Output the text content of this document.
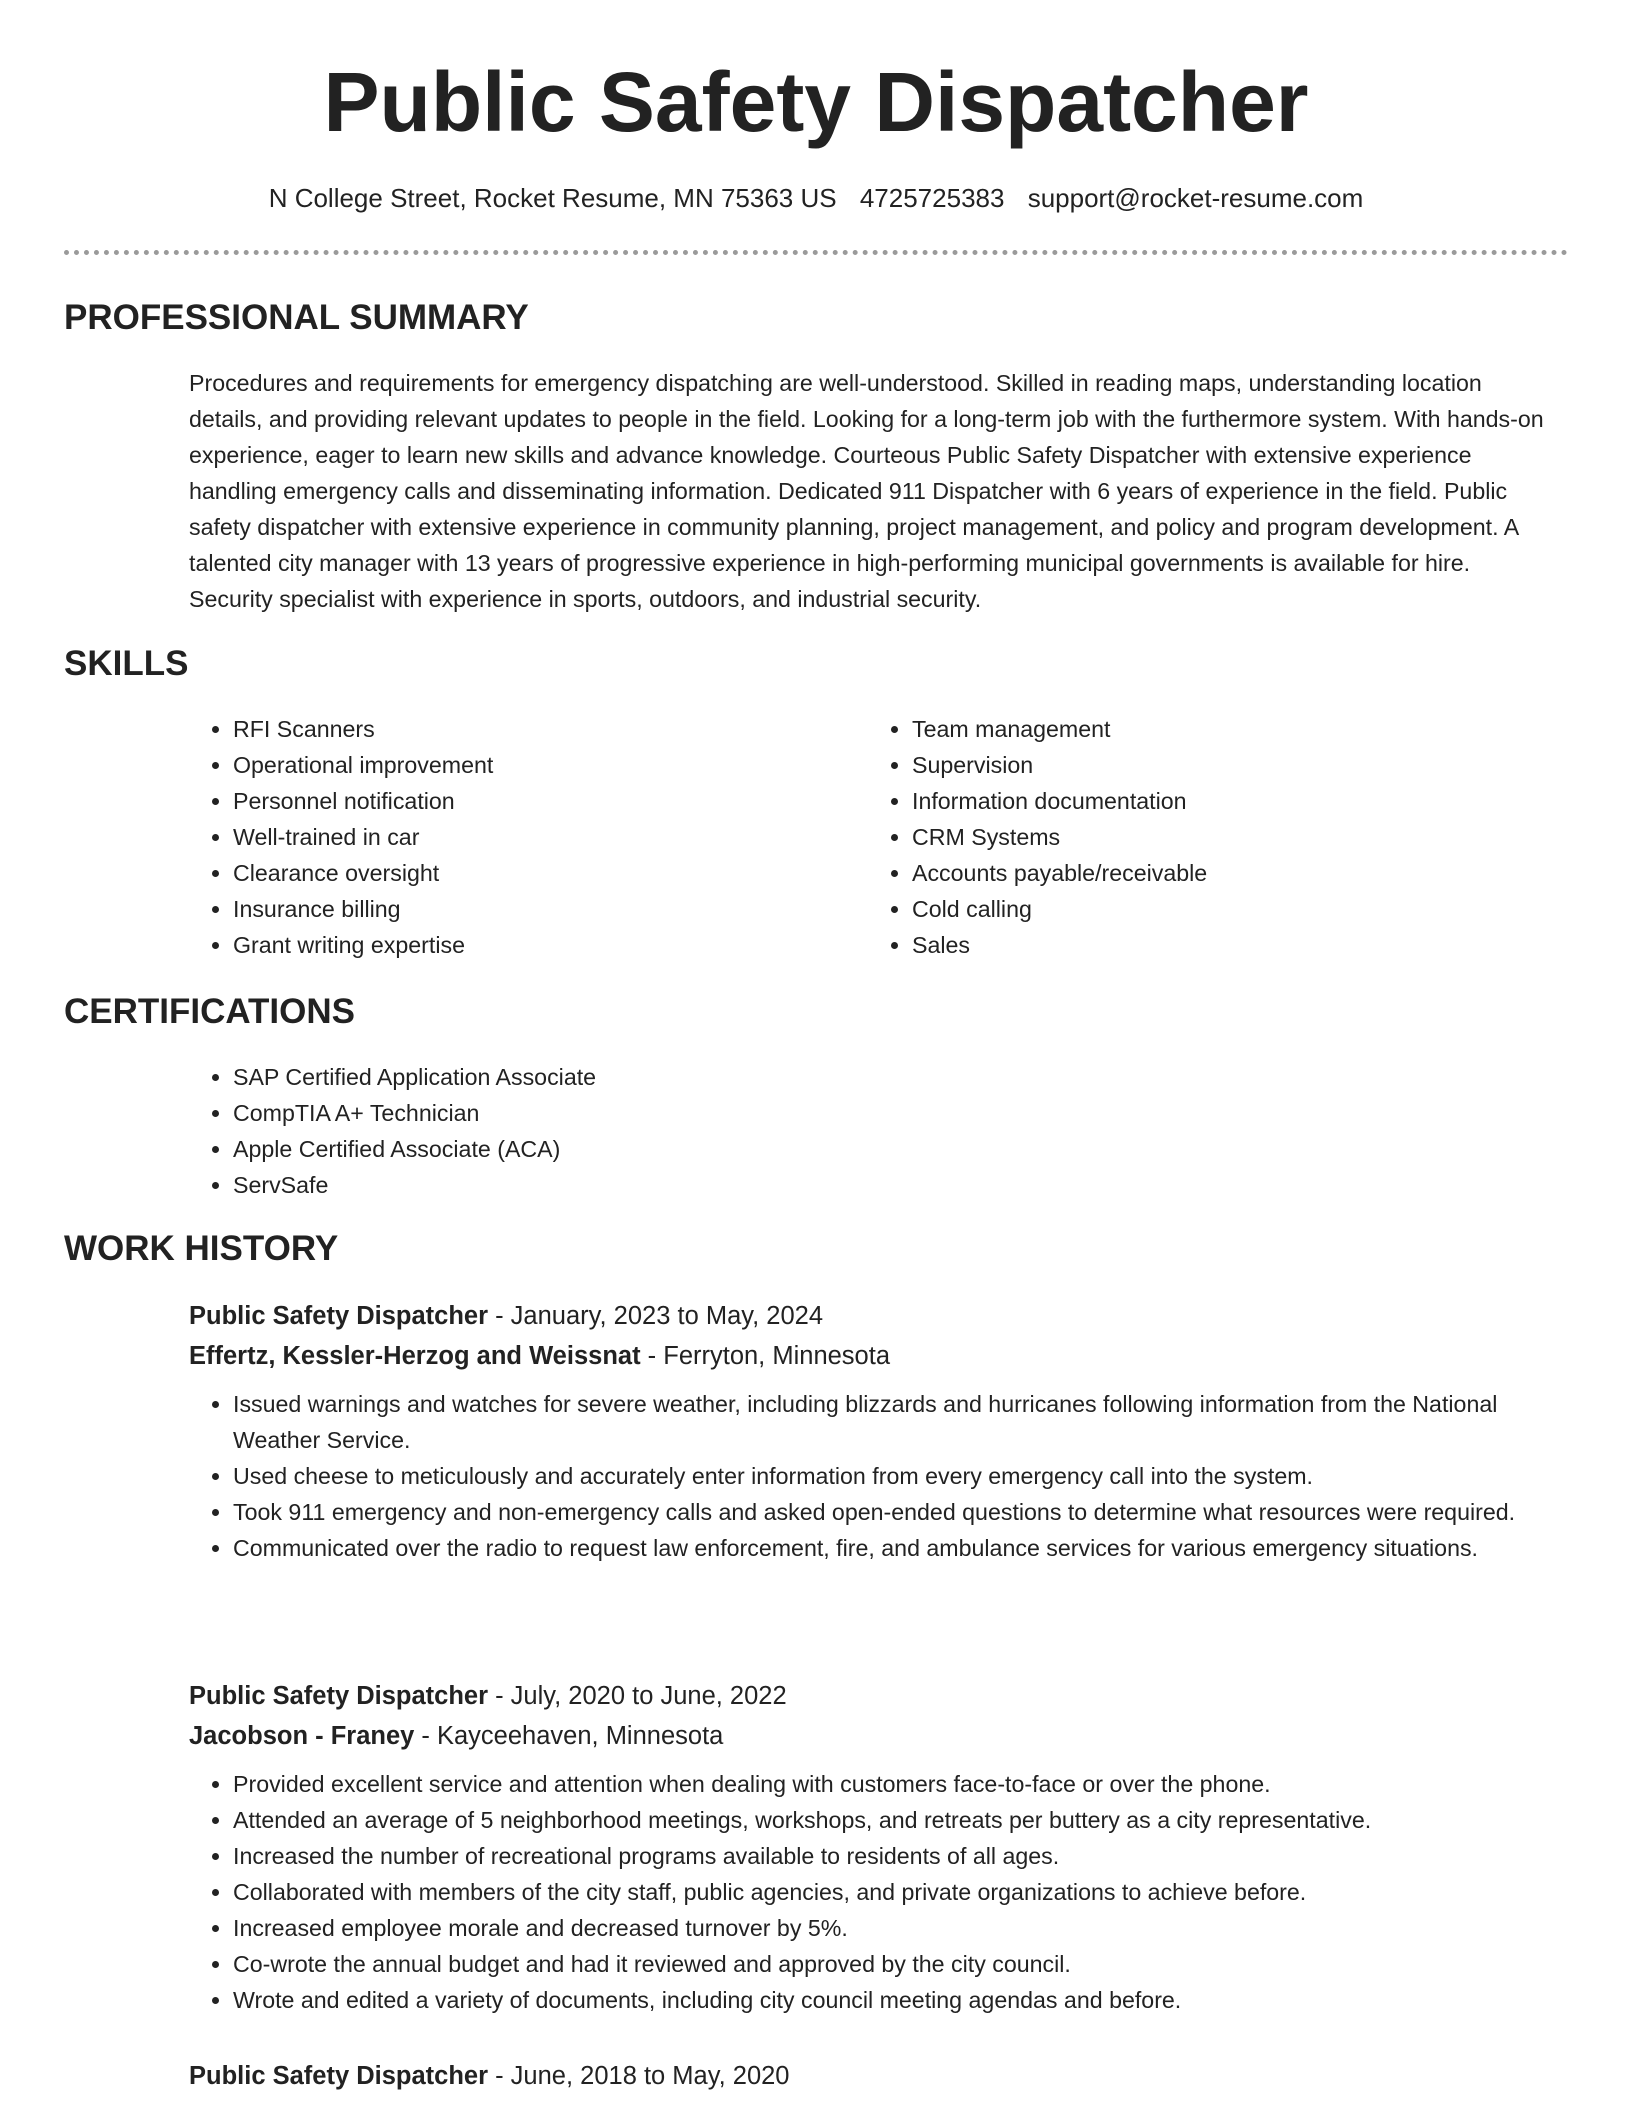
Public Safety Dispatcher
N College Street, Rocket Resume, MN 75363 US 4725725383 support@rocket-resume.com
PROFESSIONAL SUMMARY

Procedures and requirements for emergency dispatching are well-understood. Skilled in reading maps, understanding location details, and providing relevant updates to people in the field. Looking for a long-term job with the furthermore system. With hands-on experience, eager to learn new skills and advance knowledge. Courteous Public Safety Dispatcher with extensive experience handling emergency calls and disseminating information. Dedicated 911 Dispatcher with 6 years of experience in the field. Public safety dispatcher with extensive experience in community planning, project management, and policy and program development. A talented city manager with 13 years of progressive experience in high-performing municipal governments is available for hire. Security specialist with experience in sports, outdoors, and industrial security.

SKILLS
• RFI Scanners
• Operational improvement
• Personnel notification
• Well-trained in car
• Clearance oversight
• Insurance billing
• Grant writing expertise
• Team management
• Supervision
• Information documentation
• CRM Systems
• Accounts payable/receivable
• Cold calling
• Sales
CERTIFICATIONS
• SAP Certified Application Associate
• CompTIA A+ Technician
• Apple Certified Associate (ACA)
• ServSafe
WORK HISTORY
Public Safety Dispatcher - January, 2023 to May, 2024
Effertz, Kessler-Herzog and Weissnat - Ferryton, Minnesota
• Issued warnings and watches for severe weather, including blizzards and hurricanes following information from the National Weather Service.
• Used cheese to meticulously and accurately enter information from every emergency call into the system.
• Took 911 emergency and non-emergency calls and asked open-ended questions to determine what resources were required.
• Communicated over the radio to request law enforcement, fire, and ambulance services for various emergency situations.
Public Safety Dispatcher - July, 2020 to June, 2022
Jacobson - Franey - Kayceehaven, Minnesota
• Provided excellent service and attention when dealing with customers face-to-face or over the phone.
• Attended an average of 5 neighborhood meetings, workshops, and retreats per buttery as a city representative.
• Increased the number of recreational programs available to residents of all ages.
• Collaborated with members of the city staff, public agencies, and private organizations to achieve before.
• Increased employee morale and decreased turnover by 5%.
• Co-wrote the annual budget and had it reviewed and approved by the city council.
• Wrote and edited a variety of documents, including city council meeting agendas and before.
Public Safety Dispatcher - June, 2018 to May, 2020
